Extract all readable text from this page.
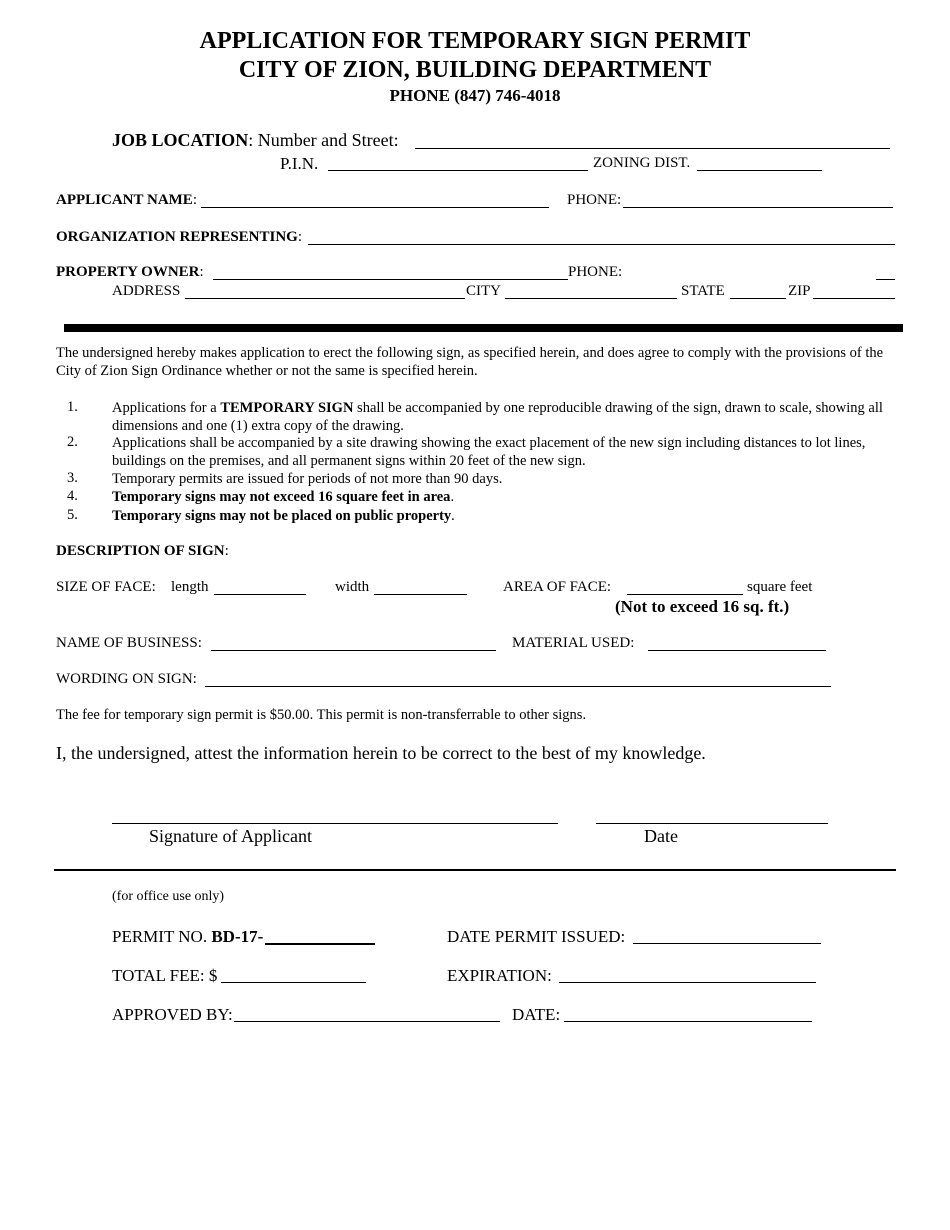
APPLICATION FOR TEMPORARY SIGN PERMIT
CITY OF ZION, BUILDING DEPARTMENT
PHONE (847) 746-4018
JOB LOCATION: Number and Street:
P.I.N.	ZONING DIST.
APPLICANT NAME:	PHONE:
ORGANIZATION REPRESENTING:
PROPERTY OWNER:	PHONE:
ADDRESS	CITY	STATE	ZIP
The undersigned hereby makes application to erect the following sign, as specified herein, and does agree to comply with the provisions of the City of Zion Sign Ordinance whether or not the same is specified herein.
1. Applications for a TEMPORARY SIGN shall be accompanied by one reproducible drawing of the sign, drawn to scale, showing all dimensions and one (1) extra copy of the drawing.
2. Applications shall be accompanied by a site drawing showing the exact placement of the new sign including distances to lot lines, buildings on the premises, and all permanent signs within 20 feet of the new sign.
3. Temporary permits are issued for periods of not more than 90 days.
4. Temporary signs may not exceed 16 square feet in area.
5. Temporary signs may not be placed on public property.
DESCRIPTION OF SIGN:
SIZE OF FACE: length	width	AREA OF FACE:	square feet
(Not to exceed 16 sq. ft.)
NAME OF BUSINESS:	MATERIAL USED:
WORDING ON SIGN:
The fee for temporary sign permit is $50.00. This permit is non-transferrable to other signs.
I, the undersigned, attest the information herein to be correct to the best of my knowledge.
Signature of Applicant	Date
(for office use only)
PERMIT NO. BD-17-	DATE PERMIT ISSUED:
TOTAL FEE: $	EXPIRATION:
APPROVED BY:	DATE:
